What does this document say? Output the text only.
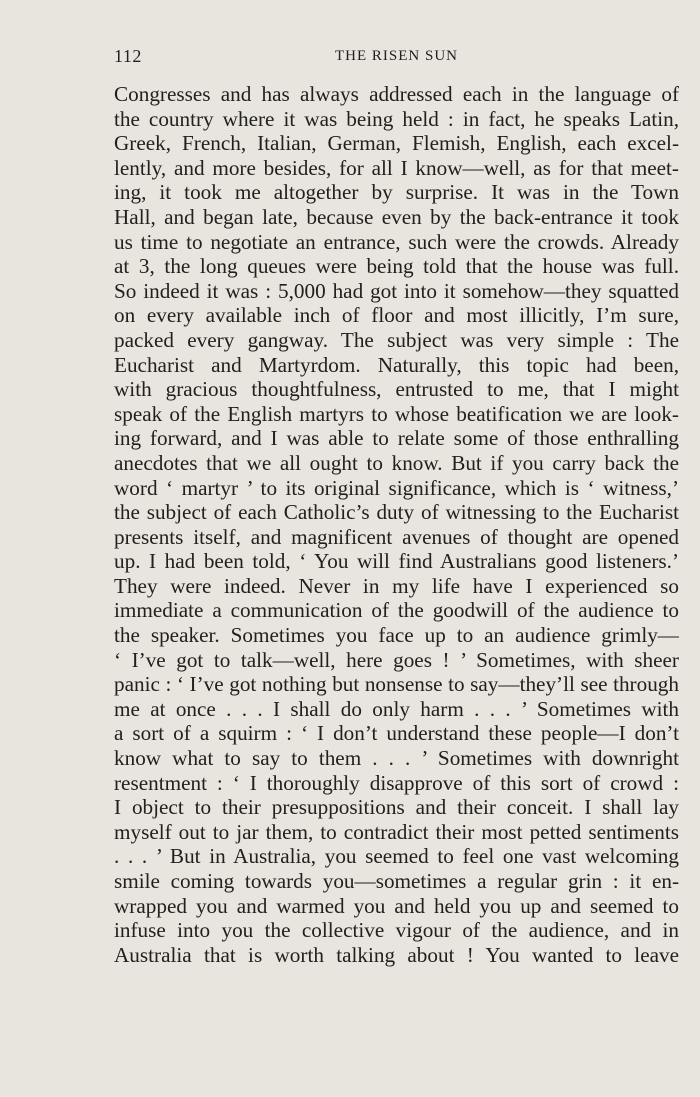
112	THE RISEN SUN
Congresses and has always addressed each in the language of
the country where it was being held : in fact, he speaks Latin,
Greek, French, Italian, German, Flemish, English, each excel-
lently, and more besides, for all I know—well, as for that meet-
ing, it took me altogether by surprise. It was in the Town
Hall, and began late, because even by the back-entrance it took
us time to negotiate an entrance, such were the crowds. Already
at 3, the long queues were being told that the house was full.
So indeed it was : 5,000 had got into it somehow—they squatted
on every available inch of floor and most illicitly, I’m sure,
packed every gangway. The subject was very simple : The
Eucharist and Martyrdom. Naturally, this topic had been,
with gracious thoughtfulness, entrusted to me, that I might
speak of the English martyrs to whose beatification we are look-
ing forward, and I was able to relate some of those enthralling
anecdotes that we all ought to know. But if you carry back the
word ‘ martyr ’ to its original significance, which is ‘ witness,’
the subject of each Catholic’s duty of witnessing to the Eucharist
presents itself, and magnificent avenues of thought are opened
up. I had been told, ‘ You will find Australians good listeners.’
They were indeed. Never in my life have I experienced so
immediate a communication of the goodwill of the audience to
the speaker. Sometimes you face up to an audience grimly—
‘ I’ve got to talk—well, here goes ! ’ Sometimes, with sheer
panic : ‘ I’ve got nothing but nonsense to say—they’ll see through
me at once . . . I shall do only harm . . . ’ Sometimes with
a sort of a squirm : ‘ I don’t understand these people—I don’t
know what to say to them . . . ’ Sometimes with downright
resentment : ‘ I thoroughly disapprove of this sort of crowd :
I object to their presuppositions and their conceit. I shall lay
myself out to jar them, to contradict their most petted sentiments
. . . ’ But in Australia, you seemed to feel one vast welcoming
smile coming towards you—sometimes a regular grin : it en-
wrapped you and warmed you and held you up and seemed to
infuse into you the collective vigour of the audience, and in
Australia that is worth talking about ! You wanted to leave
